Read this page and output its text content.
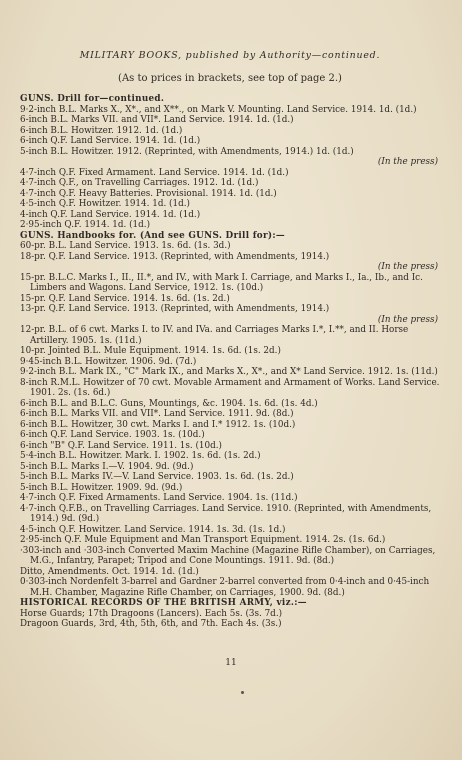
MILITARY BOOKS, published by Authority—continued.
(As to prices in brackets, see top of page 2.)

GUNS. Drill for—continued.

9·2-inch B.L. Marks X., X*., and X**., on Mark V. Mounting. Land Service. 1914. 1d. (1d.)

6-inch B.L. Marks VII. and VII*. Land Service. 1914. 1d. (1d.)

6-inch B.L. Howitzer. 1912. 1d. (1d.)

6-inch Q.F. Land Service. 1914. 1d. (1d.)

5-inch B.L. Howitzer. 1912. (Reprinted, with Amendments, 1914.) 1d. (1d.)

(In the press)

4·7-inch Q.F. Fixed Armament. Land Service. 1914. 1d. (1d.)

4·7-inch Q.F., on Travelling Carriages. 1912. 1d. (1d.)

4·7-inch Q.F. Heavy Batteries. Provisional. 1914. 1d. (1d.)

4·5-inch Q.F. Howitzer. 1914. 1d. (1d.)

4-inch Q.F. Land Service. 1914. 1d. (1d.)

2·95-inch Q.F. 1914. 1d. (1d.)

GUNS. Handbooks for. (And see GUNS. Drill for):—

60-pr. B.L. Land Service. 1913. 1s. 6d. (1s. 3d.)

18-pr. Q.F. Land Service. 1913. (Reprinted, with Amendments, 1914.)

(In the press)

15-pr. B.L.C. Marks I., II., II.*, and IV., with Mark I. Carriage, and Marks I., Ia., Ib., and Ic. Limbers and Wagons. Land Service, 1912. 1s. (10d.)

15-pr. Q.F. Land Service. 1914. 1s. 6d. (1s. 2d.)

13-pr. Q.F. Land Service. 1913. (Reprinted, with Amendments, 1914.)

(In the press)

12-pr. B.L. of 6 cwt. Marks I. to IV. and IVa. and Carriages Marks I.*, I.**, and II. Horse Artillery. 1905. 1s. (11d.)

10-pr. Jointed B.L. Mule Equipment. 1914. 1s. 6d. (1s. 2d.)

9·45-inch B.L. Howitzer. 1906. 9d. (7d.)

9·2-inch B.L. Mark IX., "C" Mark IX., and Marks X., X*., and X* Land Service. 1912. 1s. (11d.)

8-inch R.M.L. Howitzer of 70 cwt. Movable Armament and Armament of Works. Land Service. 1901. 2s. (1s. 6d.)

6-inch B.L. and B.L.C. Guns, Mountings, &c. 1904. 1s. 6d. (1s. 4d.)

6-inch B.L. Marks VII. and VII*. Land Service. 1911. 9d. (8d.)

6-inch B.L. Howitzer, 30 cwt. Marks I. and I.* 1912. 1s. (10d.)

6-inch Q.F. Land Service. 1903. 1s. (10d.)

6-inch "B" Q.F. Land Service. 1911. 1s. (10d.)

5·4-inch B.L. Howitzer. Mark. I. 1902. 1s. 6d. (1s. 2d.)

5-inch B.L. Marks I.—V. 1904. 9d. (9d.)

5-inch B.L. Marks IV.—V. Land Service. 1903. 1s. 6d. (1s. 2d.)

5-inch B.L. Howitzer. 1909. 9d. (9d.)

4·7-inch Q.F. Fixed Armaments. Land Service. 1904. 1s. (11d.)

4·7-inch Q.F.B., on Travelling Carriages. Land Service. 1910. (Reprinted, with Amendments, 1914.) 9d. (9d.)

4·5-inch Q.F. Howitzer. Land Service. 1914. 1s. 3d. (1s. 1d.)

2·95-inch Q.F. Mule Equipment and Man Transport Equipment. 1914. 2s. (1s. 6d.)

·303-inch and ·303-inch Converted Maxim Machine (Magazine Rifle Chamber), on Carriages, M.G., Infantry, Parapet; Tripod and Cone Mountings. 1911. 9d. (8d.)

Ditto, Amendments. Oct. 1914. 1d. (1d.)

0·303-inch Nordenfelt 3-barrel and Gardner 2-barrel converted from 0·4-inch and 0·45-inch M.H. Chamber, Magazine Rifle Chamber, on Carriages, 1900. 9d. (8d.)

HISTORICAL RECORDS OF THE BRITISH ARMY, viz.:—

Horse Guards; 17th Dragoons (Lancers). Each 5s. (3s. 7d.)

Dragoon Guards, 3rd, 4th, 5th, 6th, and 7th. Each 4s. (3s.)

11
